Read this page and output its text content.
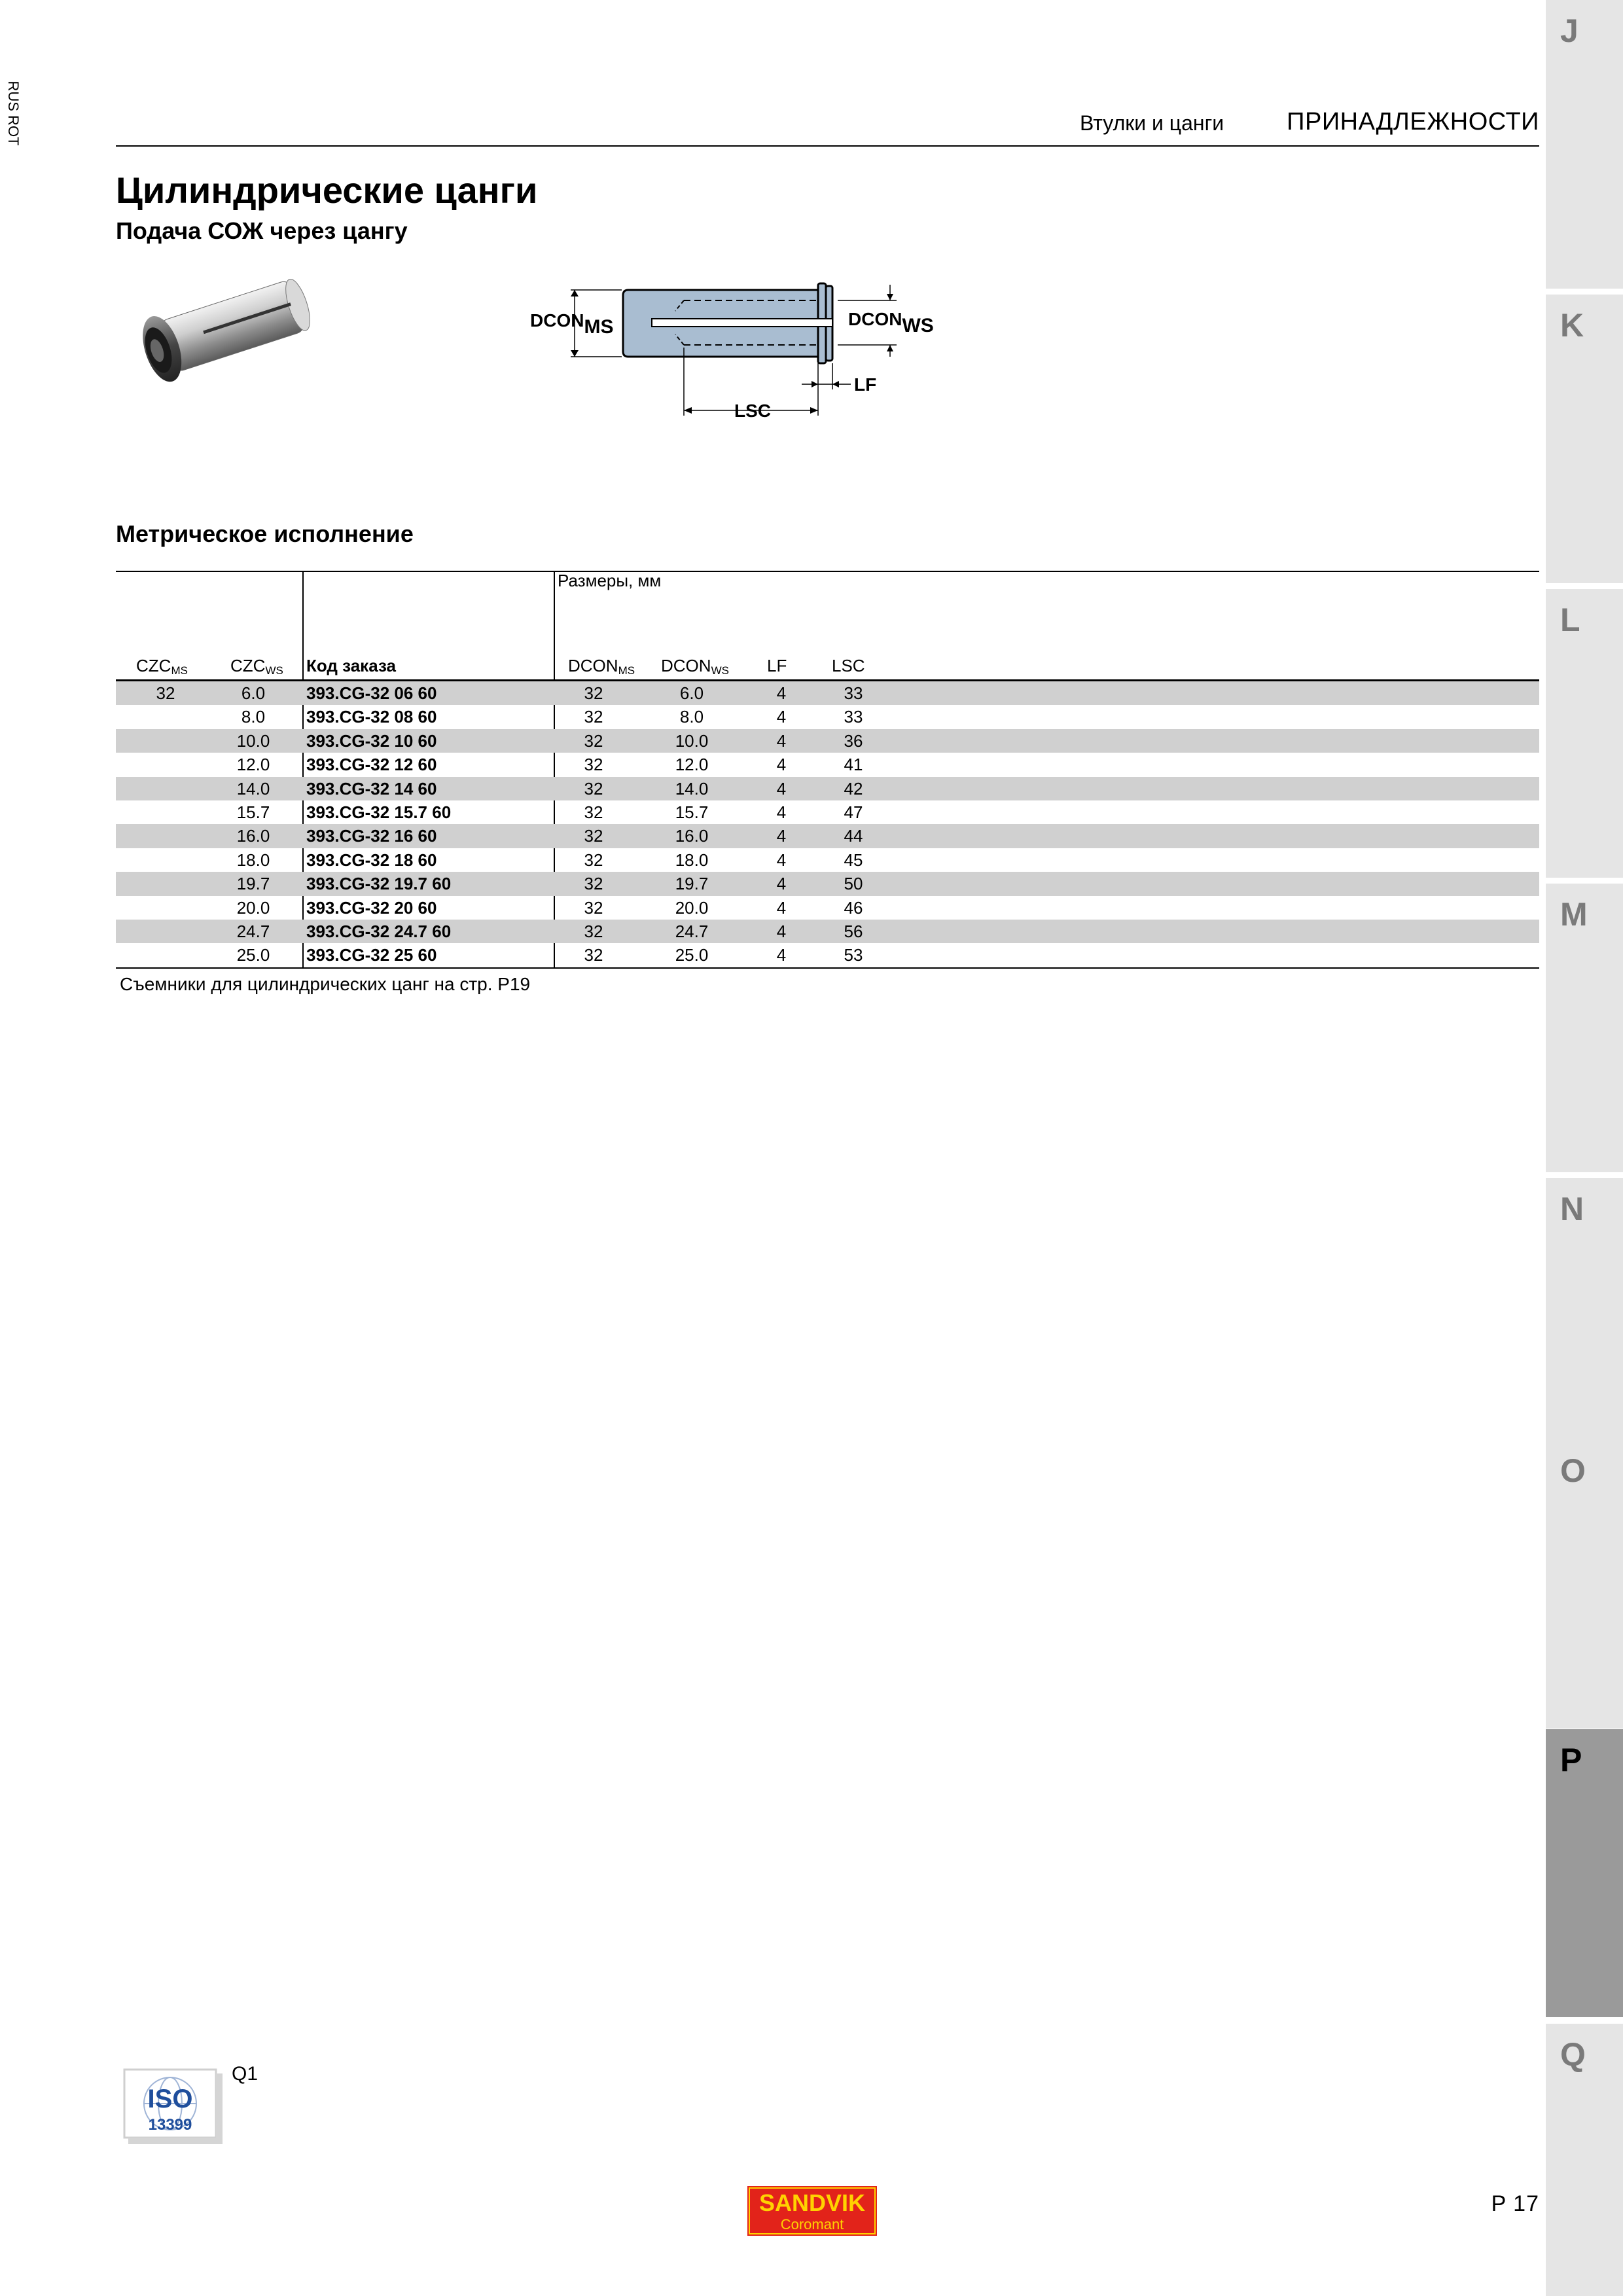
RUS ROT	Втулки и цанги	ПРИНАДЛЕЖНОСТИ
Цилиндрические цанги
Подача СОЖ через цангу
J
K
L
M
N
O
P
Q
DCONMS	DCONWS
LF
LSC
Метрическое исполнение
Размеры, мм
$CZC_{MS}$	$CZC_{WS}$ Код заказа	$DCON_{MS}$ $DCON_{WS}$ LF	LSC
32	6.0	393.CG-32 06 60	32	6.0	4	33
8.0	393.CG-32 08 60	32	8.0	4	33
10.0	393.CG-32 10 60	32	10.0	4	36
12.0	393.CG-32 12 60	32	12.0	4	41
14.0	393.CG-32 14 60	32	14.0	4	42
15.7	393.CG-32 15.7 60	32	15.7	4	47
16.0	393.CG-32 16 60	32	16.0	4	44
18.0	393.CG-32 18 60	32	18.0	4	45
19.7	393.CG-32 19.7 60	32	19.7	4	50
20.0	393.CG-32 20 60	32	20.0	4	46
24.7	393.CG-32 24.7 60	32	24.7	4	56
25.0	393.CG-32 25 60	32	25.0	4	53
Съемники для цилиндрических цанг на стр. P19
ISO
13399
Q1
SANDVIK
Coromant
P 17
